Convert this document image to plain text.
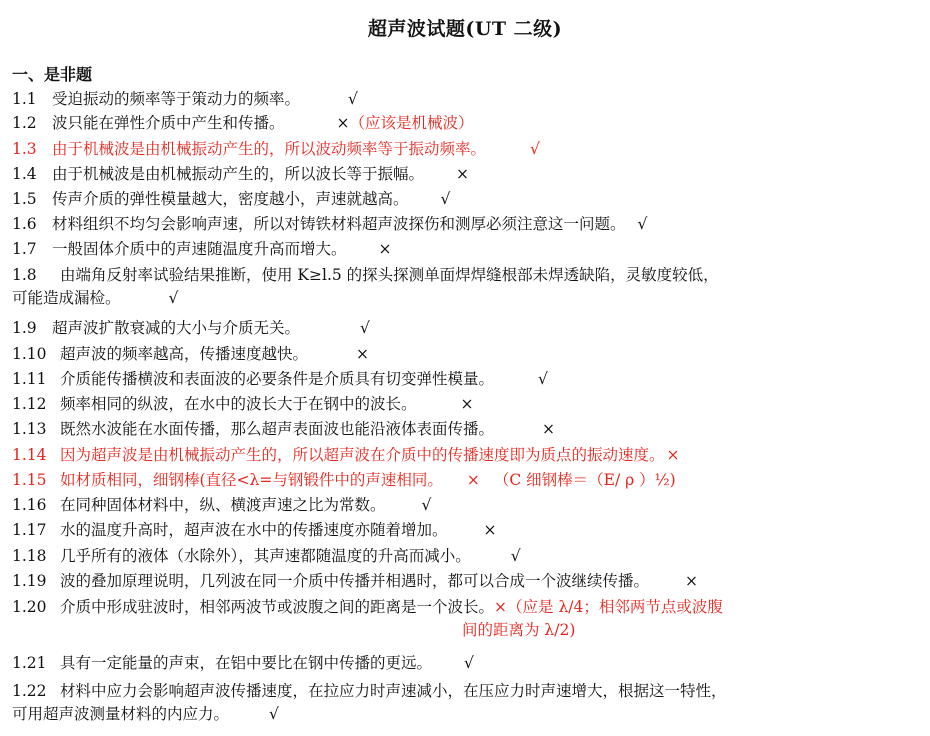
超声波试题(UT 二级)
一、是非题
1.1 受迫振动的频率等于策动力的频率。	√
1.2 波只能在弹性介质中产生和传播。	×（应该是机械波）
1.3 由于机械波是由机械振动产生的，所以波动频率等于振动频率。	√
1.4 由于机械波是由机械振动产生的，所以波长等于振幅。 ×
1.5 传声介质的弹性模量越大，密度越小，声速就越高。 √
1.6 材料组织不均匀会影响声速，所以对铸铁材料超声波探伤和测厚必须注意这一问题。 √
1.7 一般固体介质中的声速随温度升高而增大。 ×
1.8 由端角反射率试验结果推断，使用 K≥l.5 的探头探测单面焊焊缝根部未焊透缺陷，灵敏度较低，
可能造成漏检。	√
1.9 超声波扩散衰减的大小与介质无关。	√
1.10 超声波的频率越高，传播速度越快。	×
1.11 介质能传播横波和表面波的必要条件是介质具有切变弹性模量。	√
1.12 频率相同的纵波，在水中的波长大于在钢中的波长。	×
1.13 既然水波能在水面传播，那么超声表面波也能沿液体表面传播。	×
1.14 因为超声波是由机械振动产生的，所以超声波在介质中的传播速度即为质点的振动速度。 ×
1.15 如材质相同，细钢棒(直径<λ=与钢锻件中的声速相同。 × （C 细钢棒＝（E/ ρ ）½)
1.16 在同种固体材料中，纵、横渡声速之比为常数。 √
1.17 水的温度升高时，超声波在水中的传播速度亦随着增加。 ×
1.18 几乎所有的液体（水除外），其声速都随温度的升高而减小。	√
1.19 波的叠加原理说明，几列波在同一介质中传播并相遇时，都可以合成一个波继续传播。 ×
1.20 介质中形成驻波时，相邻两波节或波腹之间的距离是一个波长。×（应是 λ/4；相邻两节点或波腹
间的距离为 λ/2)
1.21 具有一定能量的声束，在铝中要比在钢中传播的更远。 √
1.22 材料中应力会影响超声波传播速度，在拉应力时声速减小，在压应力时声速增大，根据这一特性，
可用超声波测量材料的内应力。	√
